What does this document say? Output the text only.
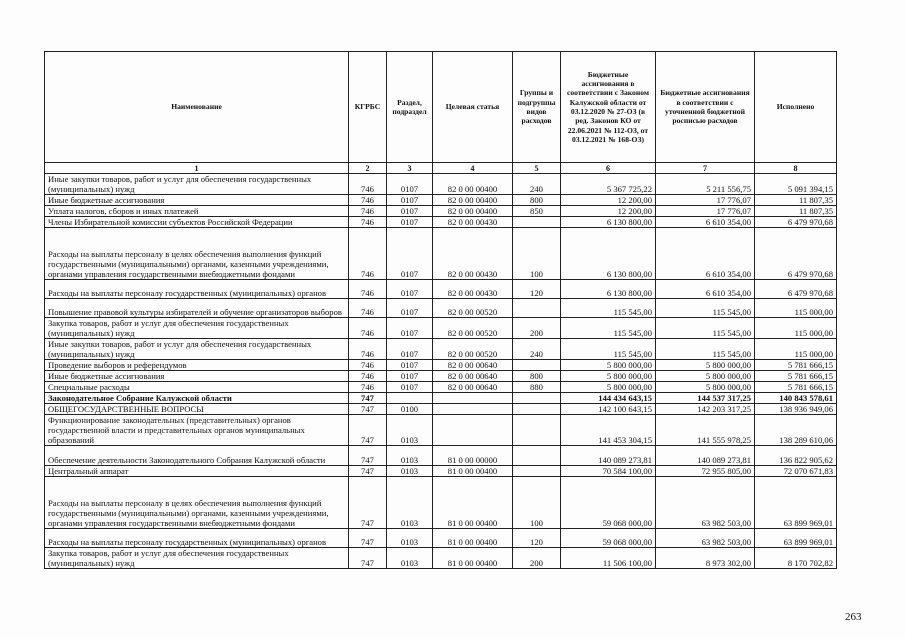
Наименование	КГРБС	Раздел, подраздел	Целевая статья	Группы и подгруппы видов расходов	Бюджетные ассигнования в соответствии с Законом Калужской области от 03.12.2020 № 27-ОЗ (в ред. Законов КО от 22.06.2021 № 112-ОЗ, от 03.12.2021 № 168-ОЗ)	Бюджетные ассигнования в соответствии с уточненной бюджетной росписью расходов	Исполнено
1	2	3	4	5	6	7	8
Иные закупки товаров, работ и услуг для обеспечения государственных (муниципальных) нужд	746	0107	82 0 00 00400	240	5 367 725,22	5 211 556,75	5 091 394,15
Иные бюджетные ассигнования	746	0107	82 0 00 00400	800	12 200,00	17 776,07	11 807,35
Уплата налогов, сборов и иных платежей	746	0107	82 0 00 00400	850	12 200,00	17 776,07	11 807,35
Члены Избирательной комиссии субъектов Российской Федерации	746	0107	82 0 00 00430		6 130 800,00	6 610 354,00	6 479 970,68
Расходы на выплаты персоналу в целях обеспечения выполнения функций государственными (муниципальными) органами, казенными учреждениями, органами управления государственными внебюджетными фондами	746	0107	82 0 00 00430	100	6 130 800,00	6 610 354,00	6 479 970,68
Расходы на выплаты персоналу государственных (муниципальных) органов	746	0107	82 0 00 00430	120	6 130 800,00	6 610 354,00	6 479 970,68
Повышение правовой культуры избирателей и обучение организаторов выборов	746	0107	82 0 00 00520		115 545,00	115 545,00	115 000,00
Закупка товаров, работ и услуг для обеспечения государственных (муниципальных) нужд	746	0107	82 0 00 00520	200	115 545,00	115 545,00	115 000,00
Иные закупки товаров, работ и услуг для обеспечения государственных (муниципальных) нужд	746	0107	82 0 00 00520	240	115 545,00	115 545,00	115 000,00
Проведение выборов и референдумов	746	0107	82 0 00 00640		5 800 000,00	5 800 000,00	5 781 666,15
Иные бюджетные ассигнования	746	0107	82 0 00 00640	800	5 800 000,00	5 800 000,00	5 781 666,15
Специальные расходы	746	0107	82 0 00 00640	880	5 800 000,00	5 800 000,00	5 781 666,15
Законодательное Собрание Калужской области	747				144 434 643,15	144 537 317,25	140 843 578,61
ОБЩЕГОСУДАРСТВЕННЫЕ ВОПРОСЫ	747	0100			142 100 643,15	142 203 317,25	138 936 949,06
Функционирование законодательных (представительных) органов государственной власти и представительных органов муниципальных образований	747	0103			141 453 304,15	141 555 978,25	138 289 610,06
Обеспечение деятельности Законодательного Собрания Калужской области	747	0103	81 0 00 00000		140 089 273,81	140 089 273,81	136 822 905,62
Центральный аппарат	747	0103	81 0 00 00400		70 584 100,00	72 955 805,00	72 070 671,83
Расходы на выплаты персоналу в целях обеспечения выполнения функций государственными (муниципальными) органами, казенными учреждениями, органами управления государственными внебюджетными фондами	747	0103	81 0 00 00400	100	59 068 000,00	63 982 503,00	63 899 969,01
Расходы на выплаты персоналу государственных (муниципальных) органов	747	0103	81 0 00 00400	120	59 068 000,00	63 982 503,00	63 899 969,01
Закупка товаров, работ и услуг для обеспечения государственных (муниципальных) нужд	747	0103	81 0 00 00400	200	11 506 100,00	8 973 302,00	8 170 702,82
263
